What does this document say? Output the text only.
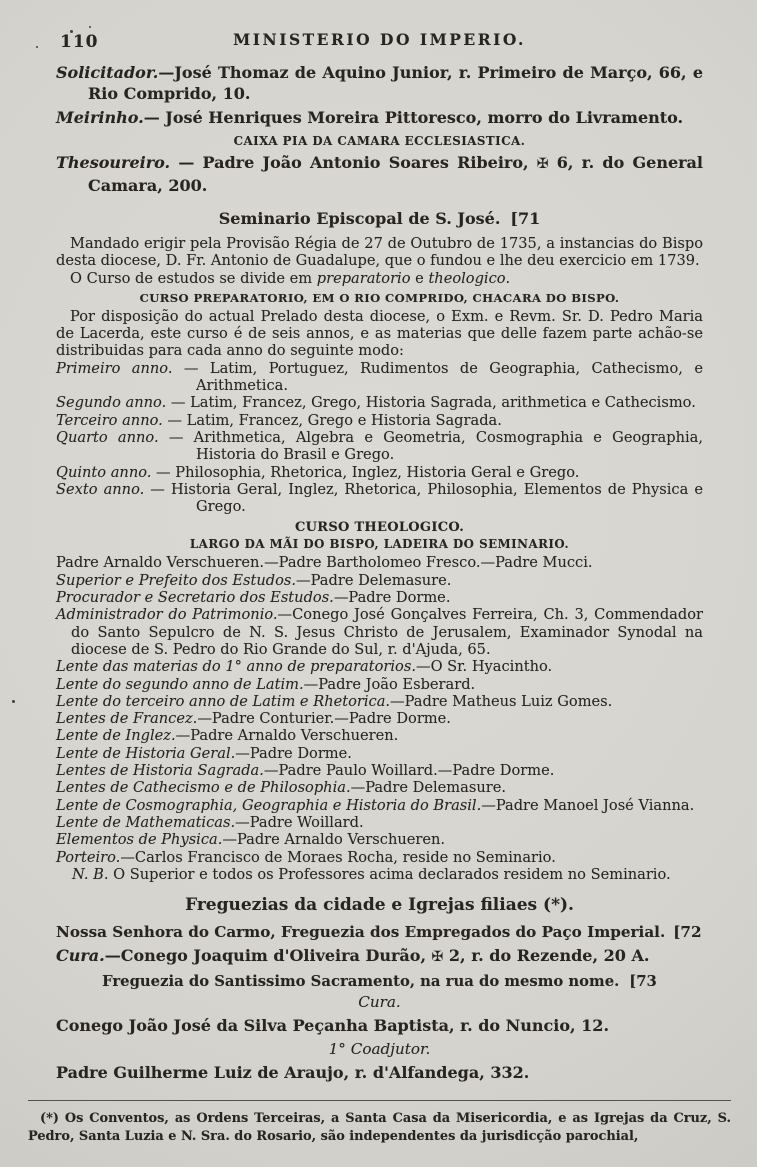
110	MINISTERIO DO IMPERIO.

Solicitador.—José Thomaz de Aquino Junior, r. Primeiro de Março, 66, e Rio Comprido, 10.

Meirinho.— José Henriques Moreira Pittoresco, morro do Livramento.

CAIXA PIA DA CAMARA ECCLESIASTICA.

Thesoureiro. — Padre João Antonio Soares Ribeiro, ✠ 6, r. do General Camara, 200.

Seminario Episcopal de S. José. [71

Mandado erigir pela Provisão Régia de 27 de Outubro de 1735, a instancias do Bispo desta diocese, D. Fr. Antonio de Guadalupe, que o fundou e lhe deu exercicio em 1739.

O Curso de estudos se divide em preparatorio e theologico.

CURSO PREPARATORIO, EM O RIO COMPRIDO, CHACARA DO BISPO.

Por disposição do actual Prelado desta diocese, o Exm. e Revm. Sr. D. Pedro Maria de Lacerda, este curso é de seis annos, e as materias que delle fazem parte achão-se distribuidas para cada anno do seguinte modo:

Primeiro anno. — Latim, Portuguez, Rudimentos de Geographia, Cathecismo, e Arithmetica.

Segundo anno. — Latim, Francez, Grego, Historia Sagrada, arithmetica e Cathecismo.

Terceiro anno. — Latim, Francez, Grego e Historia Sagrada.

Quarto anno. — Arithmetica, Algebra e Geometria, Cosmographia e Geographia, Historia do Brasil e Grego.

Quinto anno. — Philosophia, Rhetorica, Inglez, Historia Geral e Grego.

Sexto anno. — Historia Geral, Inglez, Rhetorica, Philosophia, Elementos de Physica e Grego.

CURSO THEOLOGICO.
LARGO DA MÃI DO BISPO, LADEIRA DO SEMINARIO.

Padre Arnaldo Verschueren.—Padre Bartholomeo Fresco.—Padre Mucci.

Superior e Prefeito dos Estudos.—Padre Delemasure.

Procurador e Secretario dos Estudos.—Padre Dorme.

Administrador do Patrimonio.—Conego José Gonçalves Ferreira, Ch. 3, Commendador do Santo Sepulcro de N. S. Jesus Christo de Jerusalem, Examinador Synodal na diocese de S. Pedro do Rio Grande do Sul, r. d'Ajuda, 65.

Lente das materias do 1° anno de preparatorios.—O Sr. Hyacintho.

Lente do segundo anno de Latim.—Padre João Esberard.

Lente do terceiro anno de Latim e Rhetorica.—Padre Matheus Luiz Gomes.

Lentes de Francez.—Padre Conturier.—Padre Dorme.

Lente de Inglez.—Padre Arnaldo Verschueren.

Lente de Historia Geral.—Padre Dorme.

Lentes de Historia Sagrada.—Padre Paulo Woillard.—Padre Dorme.

Lentes de Cathecismo e de Philosophia.—Padre Delemasure.

Lente de Cosmographia, Geographia e Historia do Brasil.—Padre Manoel José Vianna.

Lente de Mathematicas.—Padre Woillard.

Elementos de Physica.—Padre Arnaldo Verschueren.

Porteiro.—Carlos Francisco de Moraes Rocha, reside no Seminario.

N. B. O Superior e todos os Professores acima declarados residem no Seminario.

Freguezias da cidade e Igrejas filiaes (*).

Nossa Senhora do Carmo, Freguezia dos Empregados do Paço Imperial. [72

Cura.—Conego Joaquim d'Oliveira Durão, ✠ 2, r. do Rezende, 20 A.

Freguezia do Santissimo Sacramento, na rua do mesmo nome. [73

Cura.

Conego João José da Silva Peçanha Baptista, r. do Nuncio, 12.

1° Coadjutor.

Padre Guilherme Luiz de Araujo, r. d'Alfandega, 332.

(*) Os Conventos, as Ordens Terceiras, a Santa Casa da Misericordia, e as Igrejas da Cruz, S. Pedro, Santa Luzia e N. Sra. do Rosario, são independentes da jurisdicção parochial,
